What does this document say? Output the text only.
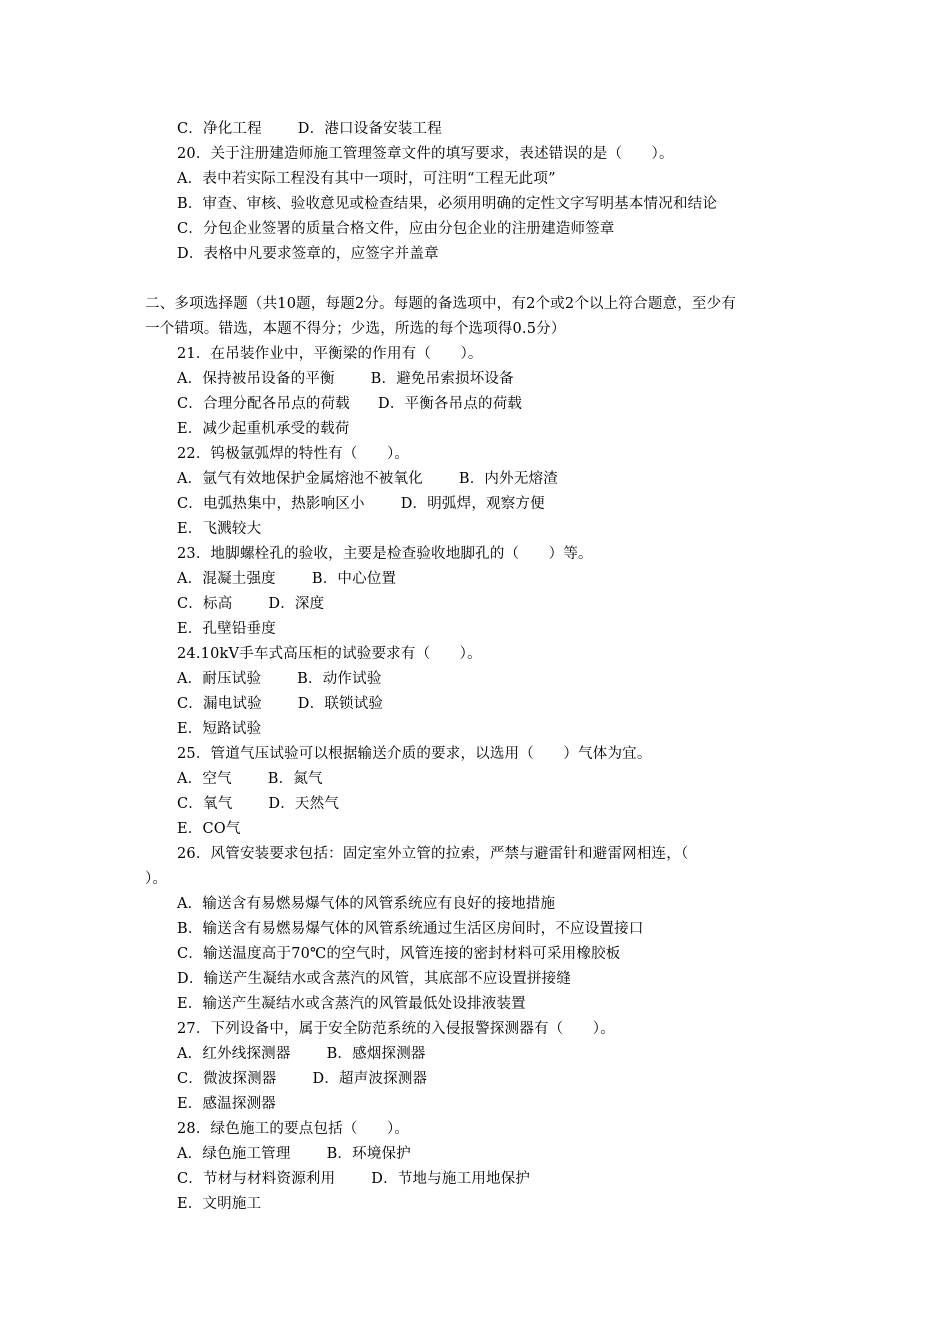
C．净化工程 D．港口设备安装工程
20．关于注册建造师施工管理签章文件的填写要求，表述错误的是（　　）。
A．表中若实际工程没有其中一项时，可注明“工程无此项”
B．审查、审核、验收意见或检查结果，必须用明确的定性文字写明基本情况和结论
C．分包企业签署的质量合格文件，应由分包企业的注册建造师签章
D．表格中凡要求签章的，应签字并盖章
二、多项选择题（共10题，每题2分。每题的备选项中，有2个或2个以上符合题意，至少有
一个错项。错选，本题不得分；少选，所选的每个选项得0.5分）
21．在吊装作业中，平衡梁的作用有（　　）。
A．保持被吊设备的平衡 B．避免吊索损坏设备
C．合理分配各吊点的荷载 D．平衡各吊点的荷载
E．减少起重机承受的载荷
22．钨极氩弧焊的特性有（　　）。
A．氩气有效地保护金属熔池不被氧化 B．内外无熔渣
C．电弧热集中，热影响区小 D．明弧焊，观察方便
E．飞溅较大
23．地脚螺栓孔的验收，主要是检查验收地脚孔的（　　）等。
A．混凝土强度 B．中心位置
C．标高 D．深度
E．孔壁铅垂度
24.10kV手车式高压柜的试验要求有（　　）。
A．耐压试验 B．动作试验
C．漏电试验 D．联锁试验
E．短路试验
25．管道气压试验可以根据输送介质的要求，以选用（　　）气体为宜。
A．空气 B．氮气
C．氧气 D．天然气
E．CO气
26．风管安装要求包括：固定室外立管的拉索，严禁与避雷针和避雷网相连，（
）。
A．输送含有易燃易爆气体的风管系统应有良好的接地措施
B．输送含有易燃易爆气体的风管系统通过生活区房间时，不应设置接口
C．输送温度高于70℃的空气时，风管连接的密封材料可采用橡胶板
D．输送产生凝结水或含蒸汽的风管，其底部不应设置拼接缝
E．输送产生凝结水或含蒸汽的风管最低处设排液装置
27．下列设备中，属于安全防范系统的入侵报警探测器有（　　）。
A．红外线探测器 B．感烟探测器
C．微波探测器 D．超声波探测器
E．感温探测器
28．绿色施工的要点包括（　　）。
A．绿色施工管理 B．环境保护
C．节材与材料资源利用 D．节地与施工用地保护
E．文明施工
